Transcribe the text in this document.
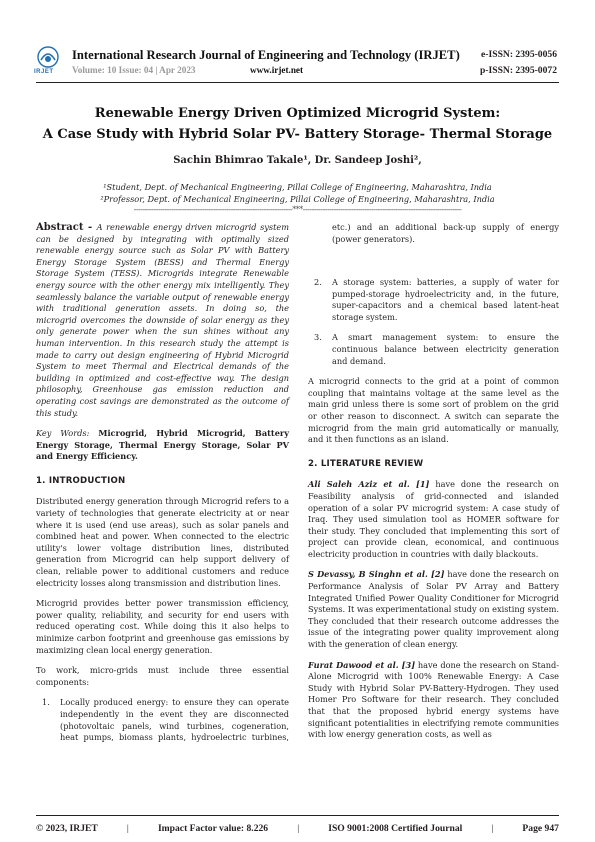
IRJET
International Research Journal of Engineering and Technology (IRJET)
Volume: 10 Issue: 04 | Apr 2023	www.irjet.net
e-ISSN: 2395-0056
p-ISSN: 2395-0072
Renewable Energy Driven Optimized Microgrid System:
A Case Study with Hybrid Solar PV- Battery Storage- Thermal Storage
Sachin Bhimrao Takale¹, Dr. Sandeep Joshi²,
¹Student, Dept. of Mechanical Engineering, Pillai College of Engineering, Maharashtra, India
²Professor, Dept. of Mechanical Engineering, Pillai College of Engineering, Maharashtra, India
------------------------------------------------------------------------***------------------------------------------------------------------------

Abstract - A renewable energy driven microgrid system can be designed by integrating with optimally sized renewable energy source such as Solar PV with Battery Energy Storage System (BESS) and Thermal Energy Storage System (TESS). Microgrids integrate Renewable energy source with the other energy mix intelligently. They seamlessly balance the variable output of renewable energy with traditional generation assets. In doing so, the microgrid overcomes the downside of solar energy as they only generate power when the sun shines without any human intervention. In this research study the attempt is made to carry out design engineering of Hybrid Microgrid System to meet Thermal and Electrical demands of the building in optimized and cost-effective way. The design philosophy, Greenhouse gas emission reduction and operating cost savings are demonstrated as the outcome of this study.

Key Words: Microgrid, Hybrid Microgrid, Battery Energy Storage, Thermal Energy Storage, Solar PV and Energy Efficiency.

1. INTRODUCTION

Distributed energy generation through Microgrid refers to a variety of technologies that generate electricity at or near where it is used (end use areas), such as solar panels and combined heat and power. When connected to the electric utility's lower voltage distribution lines, distributed generation from Microgrid can help support delivery of clean, reliable power to additional customers and reduce electricity losses along transmission and distribution lines.

Microgrid provides better power transmission efficiency, power quality, reliability, and security for end users with reduced operating cost. While doing this it also helps to minimize carbon footprint and greenhouse gas emissions by maximizing clean local energy generation.

To work, micro-grids must include three essential components:

1. Locally produced energy: to ensure they can operate independently in the event they are disconnected (photovoltaic panels, wind turbines, cogeneration, heat pumps, biomass plants, hydroelectric turbines,
etc.) and an additional back-up supply of energy (power generators).
2. A storage system: batteries, a supply of water for pumped-storage hydroelectricity and, in the future, super-capacitors and a chemical based latent-heat storage system.
3. A smart management system: to ensure the continuous balance between electricity generation and demand.

A microgrid connects to the grid at a point of common coupling that maintains voltage at the same level as the main grid unless there is some sort of problem on the grid or other reason to disconnect. A switch can separate the microgrid from the main grid automatically or manually, and it then functions as an island.

2. LITERATURE REVIEW

Ali Saleh Aziz et al. [1] have done the research on Feasibility analysis of grid-connected and islanded operation of a solar PV microgrid system: A case study of Iraq. They used simulation tool as HOMER software for their study. They concluded that implementing this sort of project can provide clean, economical, and continuous electricity production in countries with daily blackouts.

S Devassy, B Singhn et al. [2] have done the research on Performance Analysis of Solar PV Array and Battery Integrated Unified Power Quality Conditioner for Microgrid Systems. It was experimentational study on existing system. They concluded that their research outcome addresses the issue of the integrating power quality improvement along with the generation of clean energy.

Furat Dawood et al. [3] have done the research on Stand-Alone Microgrid with 100% Renewable Energy: A Case Study with Hybrid Solar PV-Battery-Hydrogen. They used Homer Pro Software for their research. They concluded that that the proposed hybrid energy systems have significant potentialities in electrifying remote communities with low energy generation costs, as well as

© 2023, IRJET	|	Impact Factor value: 8.226	|	ISO 9001:2008 Certified Journal	|	Page 947
